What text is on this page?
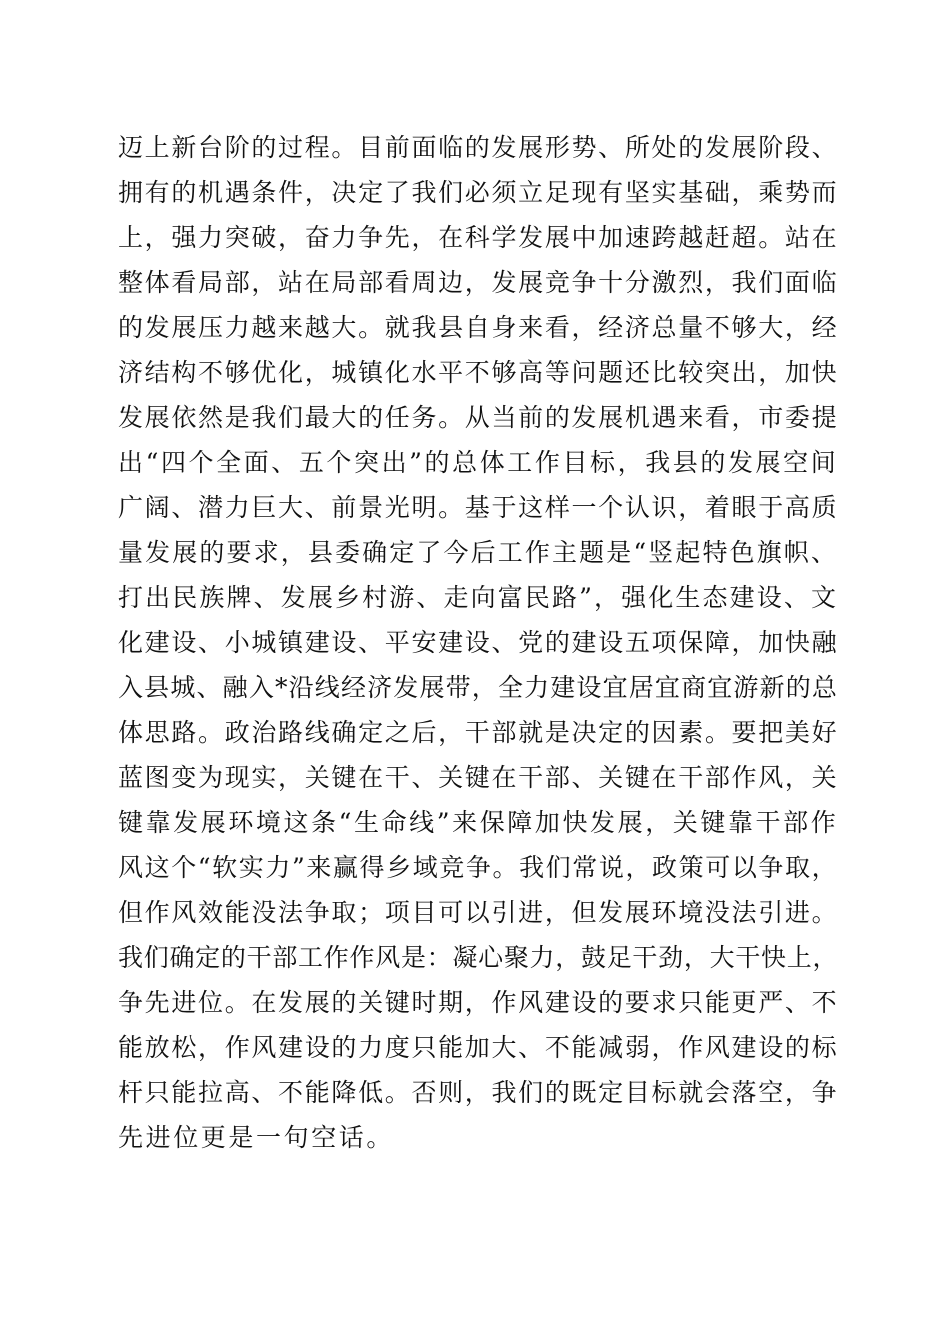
迈上新台阶的过程。目前面临的发展形势、所处的发展阶段、
拥有的机遇条件，决定了我们必须立足现有坚实基础，乘势而
上，强力突破，奋力争先，在科学发展中加速跨越赶超。站在
整体看局部，站在局部看周边，发展竞争十分激烈，我们面临
的发展压力越来越大。就我县自身来看，经济总量不够大，经
济结构不够优化，城镇化水平不够高等问题还比较突出，加快
发展依然是我们最大的任务。从当前的发展机遇来看，市委提
出“四个全面、五个突出”的总体工作目标，我县的发展空间
广阔、潜力巨大、前景光明。基于这样一个认识，着眼于高质
量发展的要求，县委确定了今后工作主题是“竖起特色旗帜、
打出民族牌、发展乡村游、走向富民路”，强化生态建设、文
化建设、小城镇建设、平安建设、党的建设五项保障，加快融
入县城、融入*沿线经济发展带，全力建设宜居宜商宜游新的总
体思路。政治路线确定之后，干部就是决定的因素。要把美好
蓝图变为现实，关键在干、关键在干部、关键在干部作风，关
键靠发展环境这条“生命线”来保障加快发展，关键靠干部作
风这个“软实力”来赢得乡域竞争。我们常说，政策可以争取，
但作风效能没法争取；项目可以引进，但发展环境没法引进。
我们确定的干部工作作风是：凝心聚力，鼓足干劲，大干快上，
争先进位。在发展的关键时期，作风建设的要求只能更严、不
能放松，作风建设的力度只能加大、不能减弱，作风建设的标
杆只能拉高、不能降低。否则，我们的既定目标就会落空，争
先进位更是一句空话。
